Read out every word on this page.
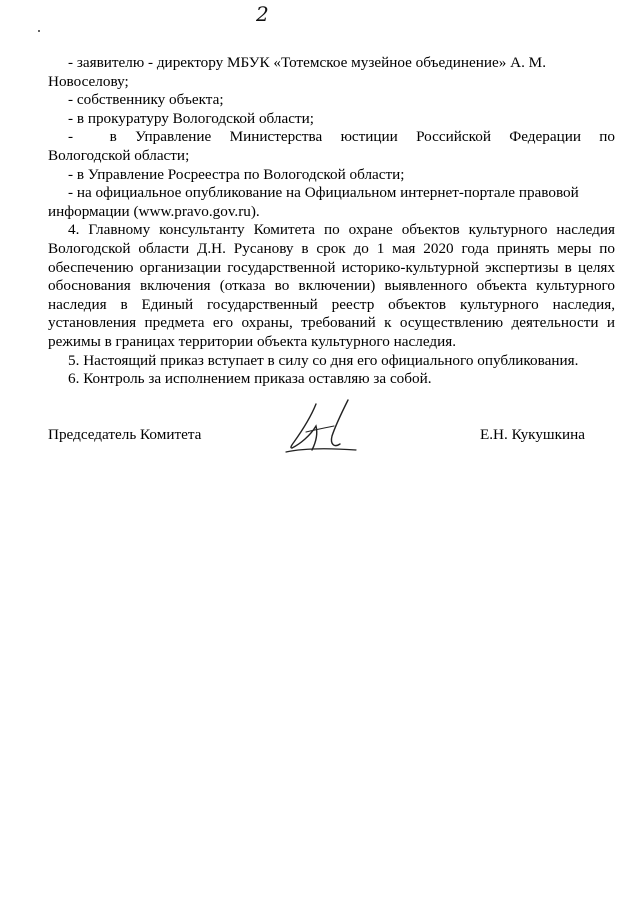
2

- заявителю - директору МБУК «Тотемское музейное объединение» А. М.

Новоселову;

- собственнику объекта;

- в прокуратуру Вологодской области;

-  в Управление Министерства юстиции Российской Федерации по

Вологодской области;

- в Управление Росреестра по Вологодской области;

- на официальное опубликование на Официальном интернет-портале правовой

информации (www.pravo.gov.ru).

4. Главному консультанту Комитета по охране объектов культурного наследия Вологодской области Д.Н. Русанову в срок до 1 мая 2020 года принять меры по обеспечению организации государственной историко-культурной экспертизы в целях обоснования включения (отказа во включении) выявленного объекта культурного наследия в Единый государственный реестр объектов культурного наследия, установления предмета его охраны, требований к осуществлению деятельности и режимы в границах территории объекта культурного наследия.

5. Настоящий приказ вступает в силу со дня его официального опубликования.

6. Контроль за исполнением приказа оставляю за собой.

Председатель Комитета	Е.Н. Кукушкина
